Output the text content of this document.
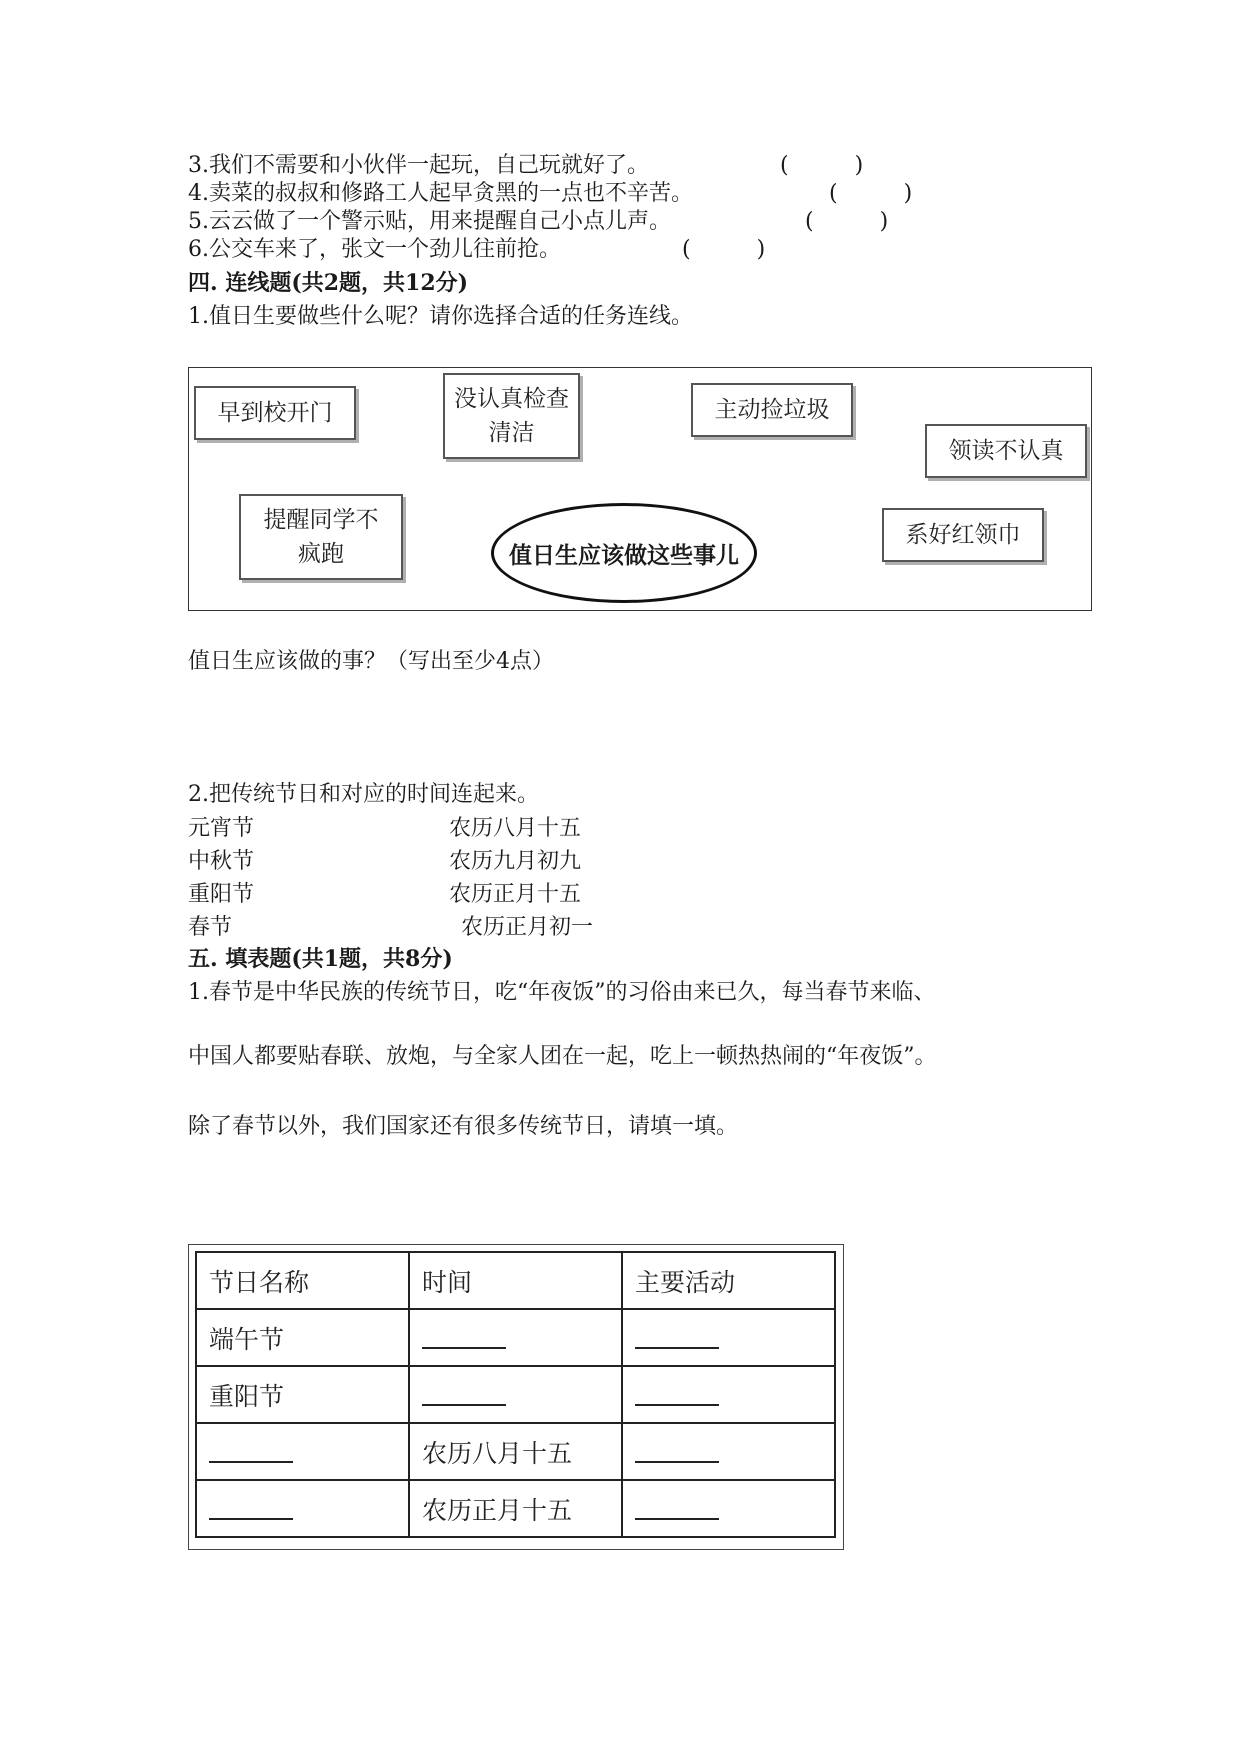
3.我们不需要和小伙伴一起玩，自己玩就好了。	(　　　)
4.卖菜的叔叔和修路工人起早贪黑的一点也不辛苦。	(　　　)
5.云云做了一个警示贴，用来提醒自己小点儿声。	(　　　)
6.公交车来了，张文一个劲儿往前抢。	(　　　)
四. 连线题(共2题，共12分)
1.值日生要做些什么呢？请你选择合适的任务连线。
早到校开门
没认真检查清洁
主动捡垃圾
领读不认真
提醒同学不疯跑
系好红领巾
值日生应该做这些事儿
值日生应该做的事？（写出至少4点）
2.把传统节日和对应的时间连起来。
元宵节	农历八月十五
中秋节	农历九月初九
重阳节	农历正月十五
春节	农历正月初一
五. 填表题(共1题，共8分)
1.春节是中华民族的传统节日，吃“年夜饭”的习俗由来已久，每当春节来临、
中国人都要贴春联、放炮，与全家人团在一起，吃上一顿热热闹的“年夜饭”。
除了春节以外，我们国家还有很多传统节日，请填一填。
节日名称	时间	主要活动
端午节		
重阳节		
	农历八月十五	
	农历正月十五	
